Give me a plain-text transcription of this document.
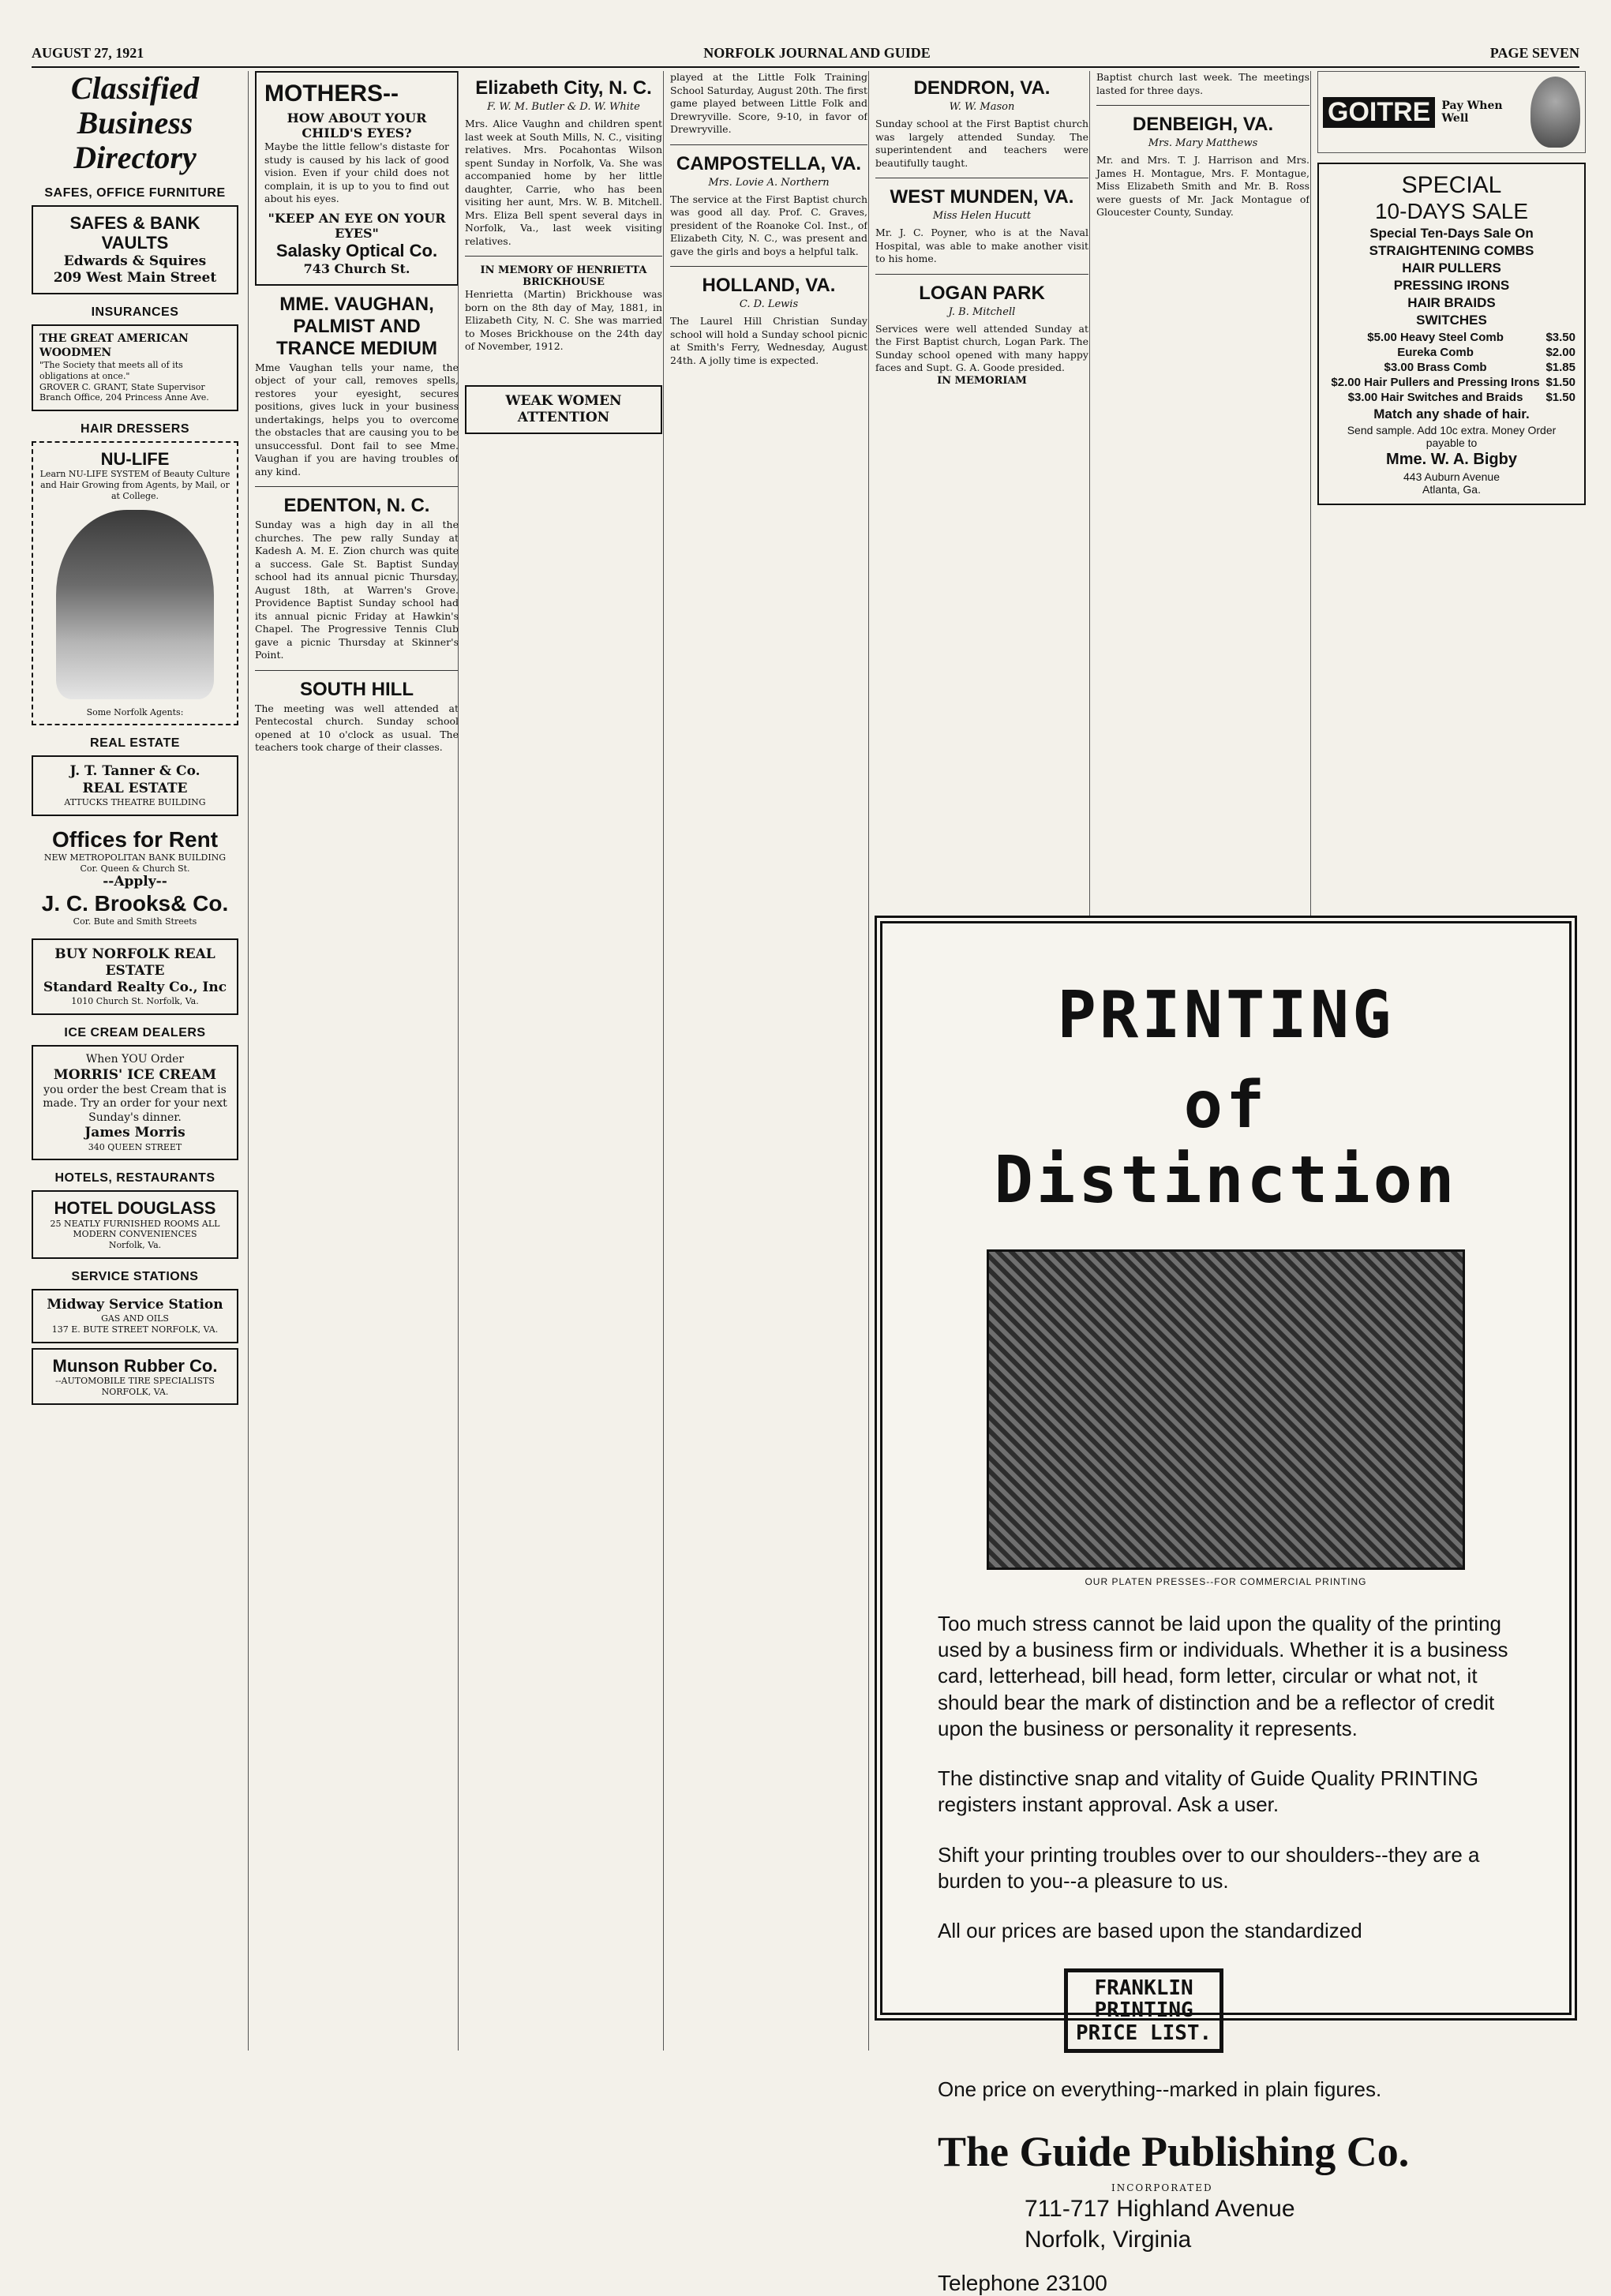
AUGUST 27, 1921	NORFOLK JOURNAL AND GUIDE	PAGE SEVEN
Classified Business Directory
SAFES, OFFICE FURNITURE
SAFES & BANK VAULTS
Edwards & Squires
209 West Main Street
INSURANCES
THE GREAT AMERICAN WOODMEN
"The Society that meets all of its obligations at once."
GROVER C. GRANT, State Supervisor
Branch Office, 204 Princess Anne Ave.
HAIR DRESSERS
NU-LIFE
Learn NU-LIFE SYSTEM of Beauty Culture and Hair Growing from Agents, by Mail, or at College.
Some Norfolk Agents:
REAL ESTATE
J. T. Tanner & Co.
REAL ESTATE
ATTUCKS THEATRE BUILDING
Offices for Rent
NEW METROPOLITAN BANK BUILDING
Cor. Queen & Church St.
--Apply--
J. C. Brooks& Co.
Cor. Bute and Smith Streets
BUY NORFOLK REAL ESTATE
Standard Realty Co., Inc
1010 Church St. Norfolk, Va.
ICE CREAM DEALERS
When YOU Order
MORRIS' ICE CREAM
you order the best Cream that is made. Try an order for your next Sunday's dinner.
James Morris
340 QUEEN STREET
HOTELS, RESTAURANTS
HOTEL DOUGLASS
25 NEATLY FURNISHED ROOMS ALL MODERN CONVENIENCES
Norfolk, Va.
SERVICE STATIONS
Midway Service Station
GAS AND OILS
137 E. BUTE STREET NORFOLK, VA.
Munson Rubber Co.
--AUTOMOBILE TIRE SPECIALISTS
NORFOLK, VA.
MOTHERS--
HOW ABOUT YOUR CHILD'S EYES?

Maybe the little fellow's distaste for study is caused by his lack of good vision. Even if your child does not complain, it is up to you to find out about his eyes.

"KEEP AN EYE ON YOUR EYES"
Salasky Optical Co.
743 Church St.
MME. VAUGHAN, PALMIST AND TRANCE MEDIUM

Mme Vaughan tells your name, the object of your call, removes spells, restores your eyesight, secures positions, gives luck in your business undertakings, helps you to overcome the obstacles that are causing you to be unsuccessful. Dont fail to see Mme. Vaughan if you are having troubles of any kind.

EDENTON, N. C.

Sunday was a high day in all the churches. The pew rally Sunday at Kadesh A. M. E. Zion church was quite a success. Gale St. Baptist Sunday school had its annual picnic Thursday, August 18th, at Warren's Grove. Providence Baptist Sunday school had its annual picnic Friday at Hawkin's Chapel. The Progressive Tennis Club gave a picnic Thursday at Skinner's Point.

SOUTH HILL

The meeting was well attended at Pentecostal church. Sunday school opened at 10 o'clock as usual. The teachers took charge of their classes.

Elizabeth City, N. C.
F. W. M. Butler & D. W. White

Mrs. Alice Vaughn and children spent last week at South Mills, N. C., visiting relatives. Mrs. Pocahontas Wilson spent Sunday in Norfolk, Va. She was accompanied home by her little daughter, Carrie, who has been visiting her aunt, Mrs. W. B. Mitchell. Mrs. Eliza Bell spent several days in Norfolk, Va., last week visiting relatives.

IN MEMORY OF HENRIETTA BRICKHOUSE

Henrietta (Martin) Brickhouse was born on the 8th day of May, 1881, in Elizabeth City, N. C. She was married to Moses Brickhouse on the 24th day of November, 1912.

WEAK WOMEN ATTENTION

played at the Little Folk Training School Saturday, August 20th. The first game played between Little Folk and Drewryville. Score, 9-10, in favor of Drewryville.

CAMPOSTELLA, VA.
Mrs. Lovie A. Northern

The service at the First Baptist church was good all day. Prof. C. Graves, president of the Roanoke Col. Inst., of Elizabeth City, N. C., was present and gave the girls and boys a helpful talk.

HOLLAND, VA.
C. D. Lewis

The Laurel Hill Christian Sunday school will hold a Sunday school picnic at Smith's Ferry, Wednesday, August 24th. A jolly time is expected.

DENDRON, VA.
W. W. Mason

Sunday school at the First Baptist church was largely attended Sunday. The superintendent and teachers were beautifully taught.

WEST MUNDEN, VA.
Miss Helen Hucutt

Mr. J. C. Poyner, who is at the Naval Hospital, was able to make another visit to his home.

LOGAN PARK
J. B. Mitchell

Services were well attended Sunday at the First Baptist church, Logan Park. The Sunday school opened with many happy faces and Supt. G. A. Goode presided.

IN MEMORIAM

Baptist church last week. The meetings lasted for three days.

DENBEIGH, VA.
Mrs. Mary Matthews

Mr. and Mrs. T. J. Harrison and Mrs. James H. Montague, Mrs. F. Montague, Miss Elizabeth Smith and Mr. B. Ross were guests of Mr. Jack Montague of Gloucester County, Sunday.

GOITRE	Pay When Well
SPECIAL
10-DAYS SALE
Special Ten-Days Sale On
STRAIGHTENING COMBS
HAIR PULLERS
PRESSING IRONS
HAIR BRAIDS
SWITCHES
$5.00 Heavy Steel Comb	$3.50
Eureka Comb	$2.00
$3.00 Brass Comb	$1.85
$2.00 Hair Pullers and Pressing Irons	$1.50
$3.00 Hair Switches and Braids	$1.50
Match any shade of hair.
Send sample. Add 10c extra. Money Order payable to
Mme. W. A. Bigby
443 Auburn Avenue
Atlanta, Ga.
PRINTING
of Distinction
OUR PLATEN PRESSES--FOR COMMERCIAL PRINTING

Too much stress cannot be laid upon the quality of the printing used by a business firm or individuals. Whether it is a business card, letterhead, bill head, form letter, circular or what not, it should bear the mark of distinction and be a reflector of credit upon the business or personality it represents.

The distinctive snap and vitality of Guide Quality PRINTING registers instant approval. Ask a user.

Shift your printing troubles over to our shoulders--they are a burden to you--a pleasure to us.

All our prices are based upon the standardized

FRANKLIN
PRINTING
PRICE LIST.

One price on everything--marked in plain figures.

The Guide Publishing Co.
INCORPORATED
711-717 Highland Avenue
Norfolk, Virginia
Telephone 23100
